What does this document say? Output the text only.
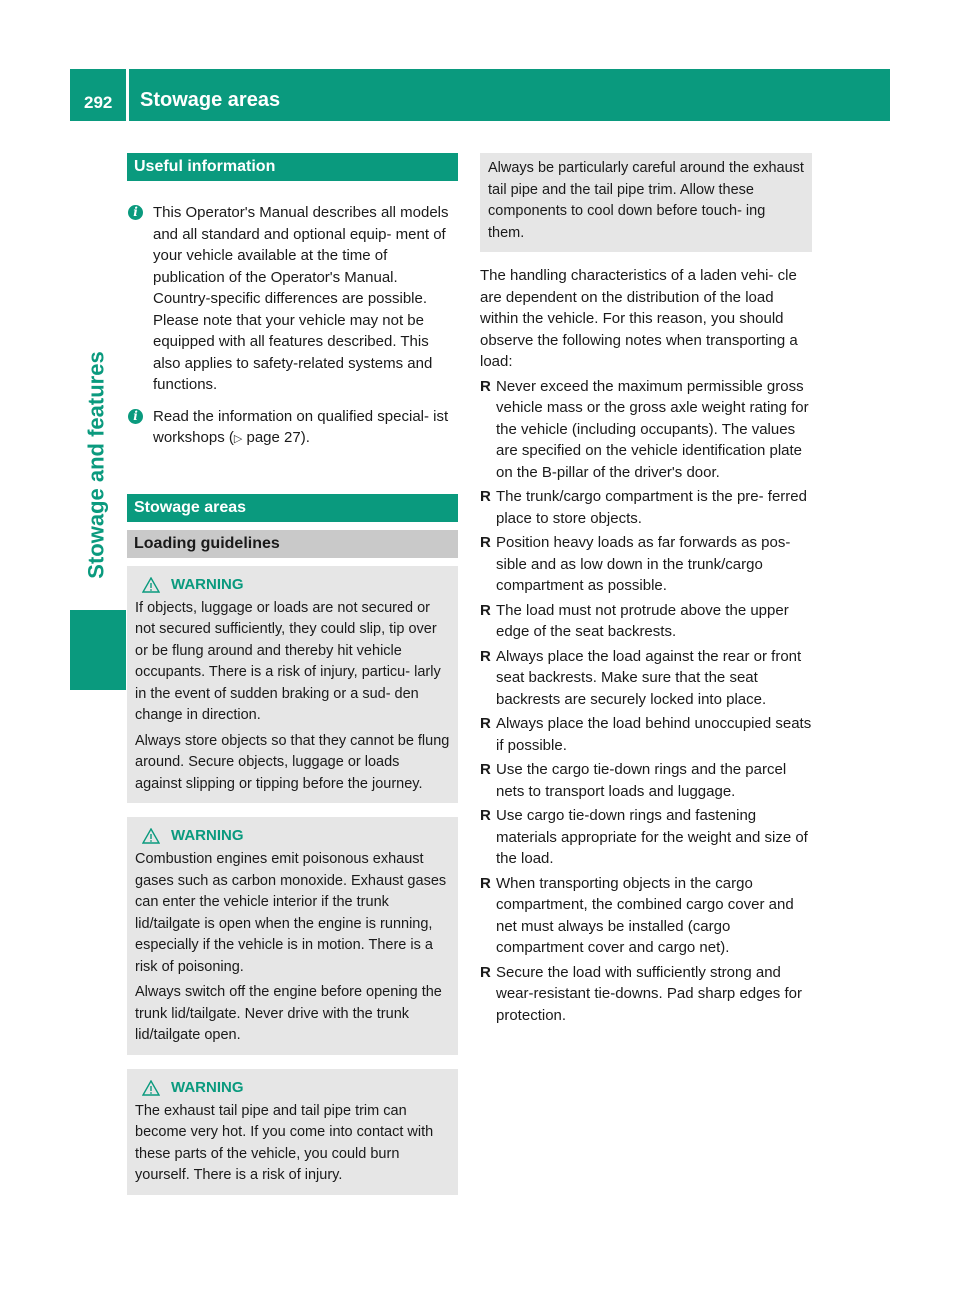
292 Stowage areas
Stowage and features
Useful information
i	This Operator's Manual describes all models and all standard and optional equip- ment of your vehicle available at the time of publication of the Operator's Manual. Country-specific differences are possible. Please note that your vehicle may not be equipped with all features described. This also applies to safety-related systems and functions.
i	Read the information on qualified special- ist workshops (▷ page 27).
Stowage areas
Loading guidelines
WARNING

If objects, luggage or loads are not secured or not secured sufficiently, they could slip, tip over or be flung around and thereby hit vehicle occupants. There is a risk of injury, particu- larly in the event of sudden braking or a sud- den change in direction.

Always store objects so that they cannot be flung around. Secure objects, luggage or loads against slipping or tipping before the journey.

WARNING

Combustion engines emit poisonous exhaust gases such as carbon monoxide. Exhaust gases can enter the vehicle interior if the trunk lid/tailgate is open when the engine is running, especially if the vehicle is in motion. There is a risk of poisoning.

Always switch off the engine before opening the trunk lid/tailgate. Never drive with the trunk lid/tailgate open.

WARNING

The exhaust tail pipe and tail pipe trim can become very hot. If you come into contact with these parts of the vehicle, you could burn yourself. There is a risk of injury.

Always be particularly careful around the exhaust tail pipe and the tail pipe trim. Allow these components to cool down before touch- ing them.

The handling characteristics of a laden vehi- cle are dependent on the distribution of the load within the vehicle. For this reason, you should observe the following notes when transporting a load:

R Never exceed the maximum permissible gross vehicle mass or the gross axle weight rating for the vehicle (including occupants). The values are specified on the vehicle identification plate on the B-pillar of the driver's door.
R The trunk/cargo compartment is the pre- ferred place to store objects.
R Position heavy loads as far forwards as pos- sible and as low down in the trunk/cargo compartment as possible.
R The load must not protrude above the upper edge of the seat backrests.
R Always place the load against the rear or front seat backrests. Make sure that the seat backrests are securely locked into place.
R Always place the load behind unoccupied seats if possible.
R Use the cargo tie-down rings and the parcel nets to transport loads and luggage.
R Use cargo tie-down rings and fastening materials appropriate for the weight and size of the load.
R When transporting objects in the cargo compartment, the combined cargo cover and net must always be installed (cargo compartment cover and cargo net).
R Secure the load with sufficiently strong and wear-resistant tie-downs. Pad sharp edges for protection.
